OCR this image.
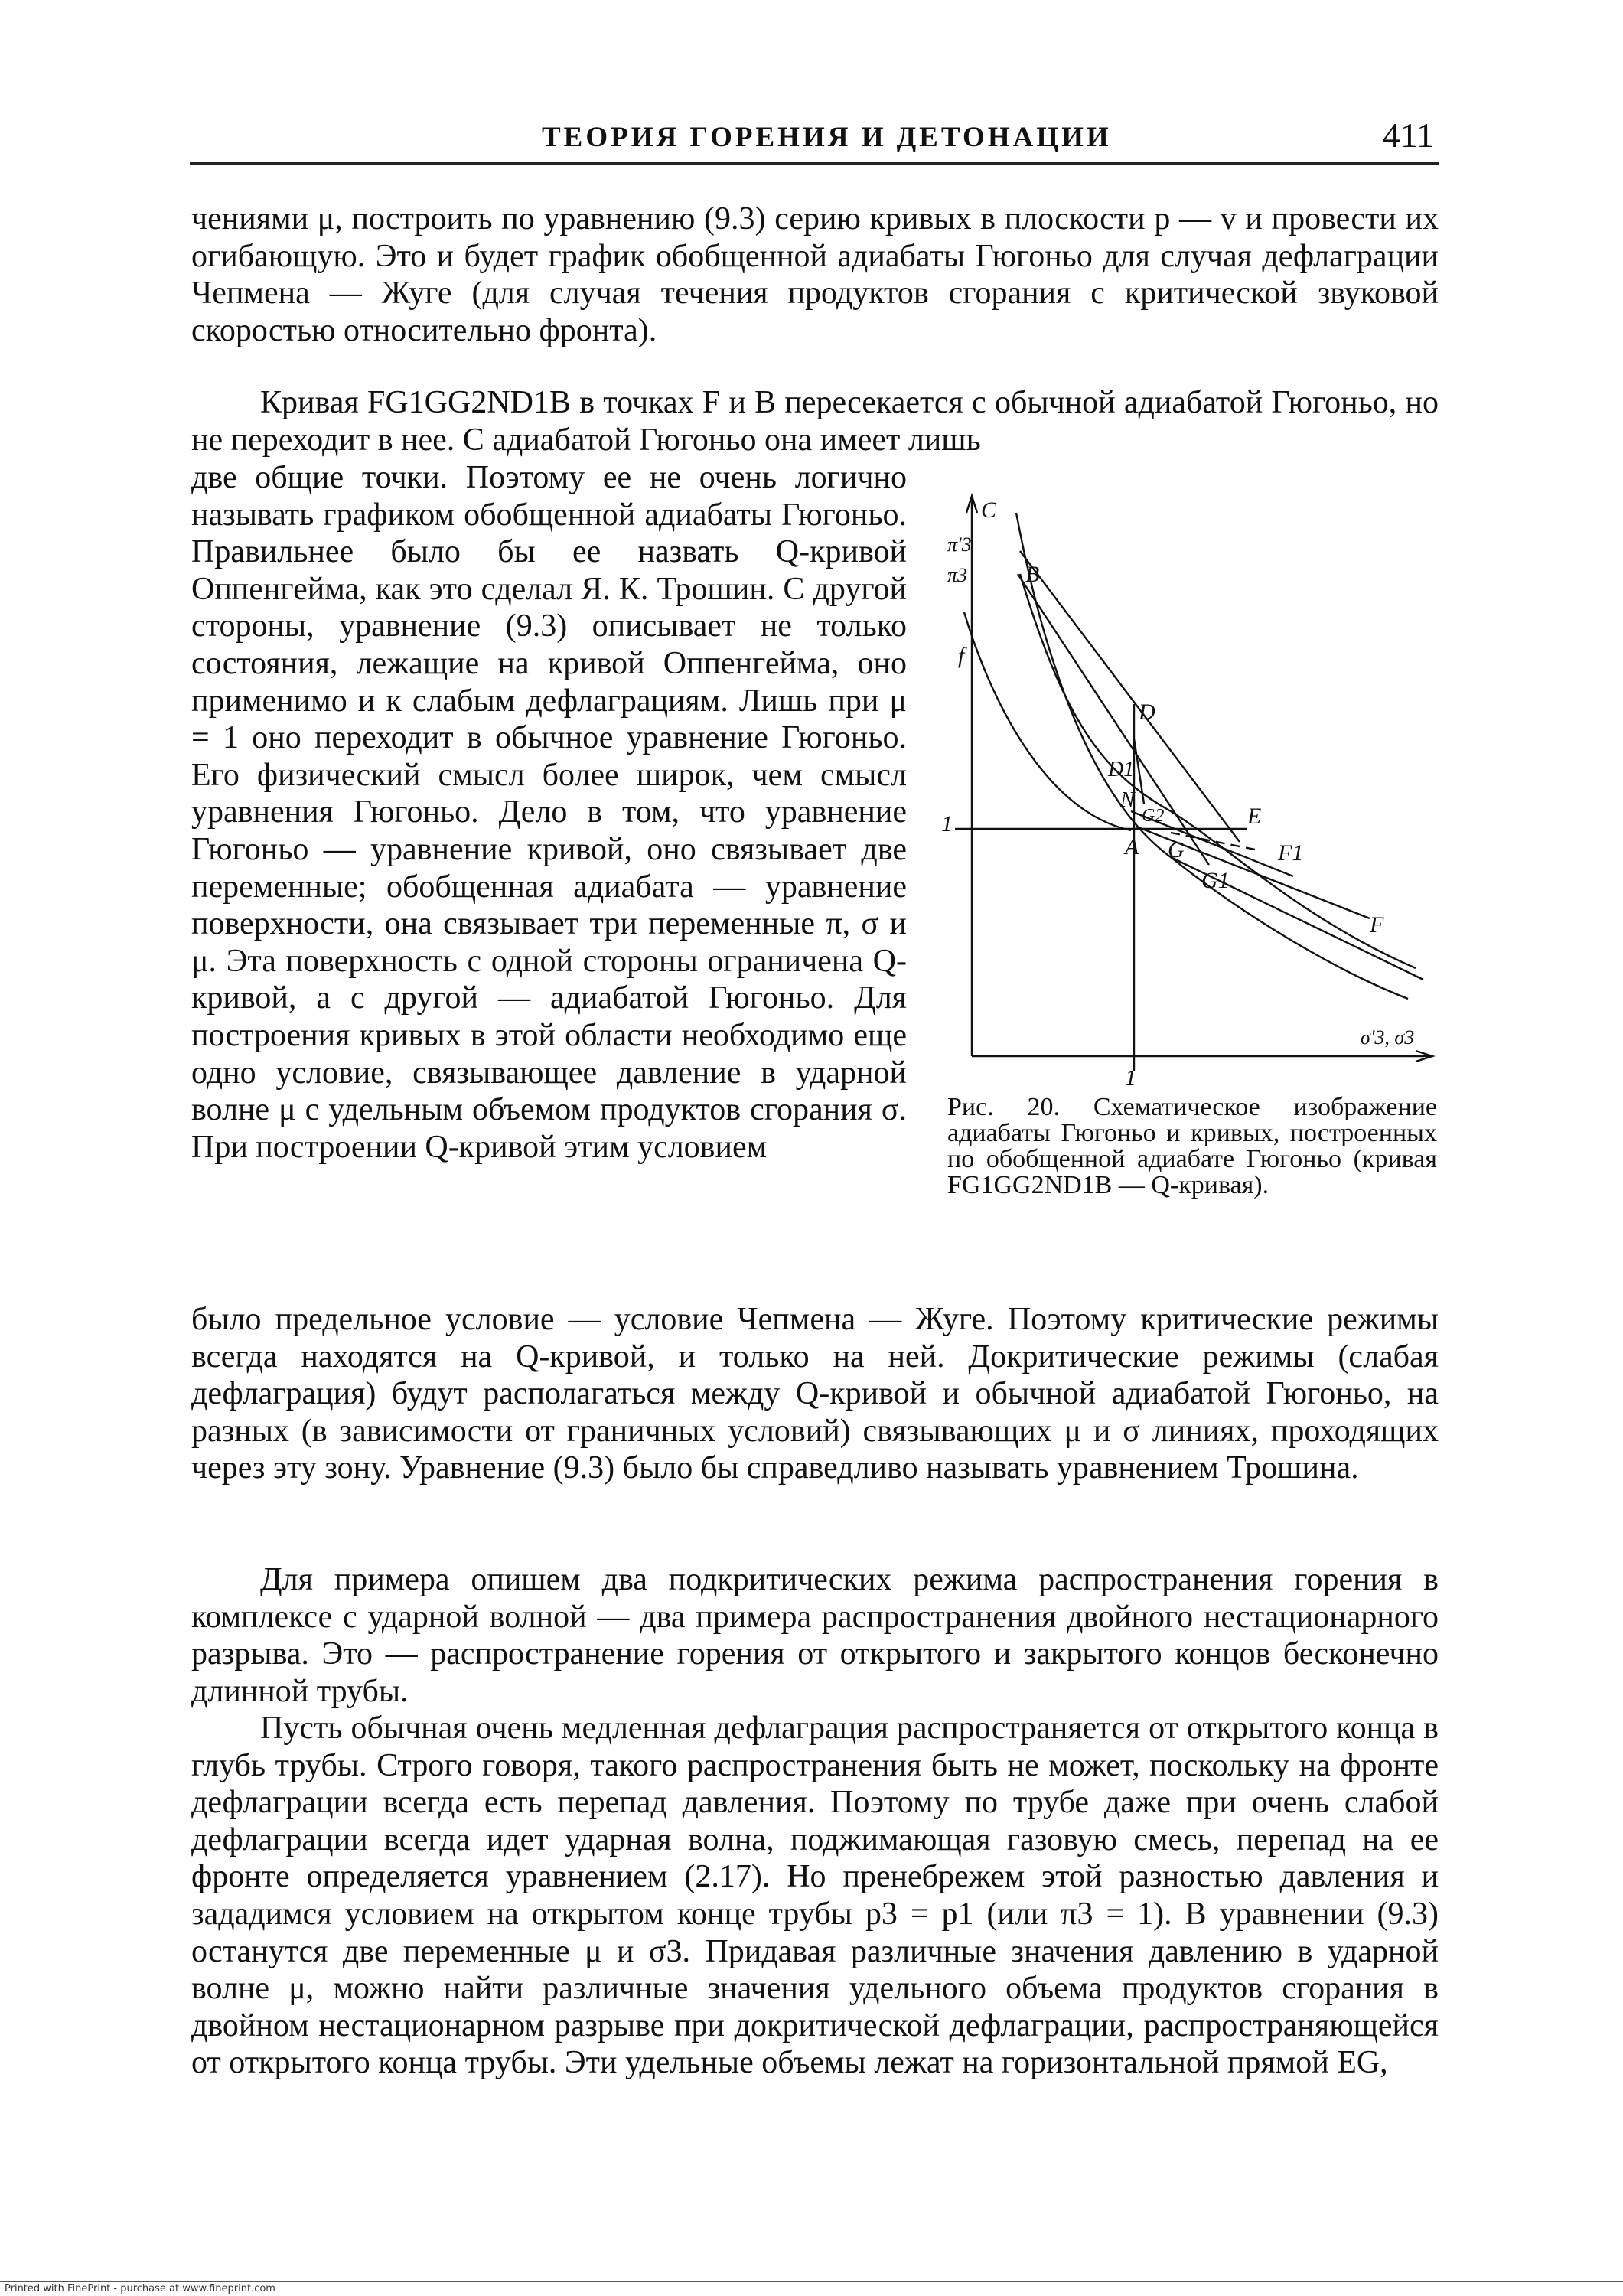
ТЕОРИЯ ГОРЕНИЯ И ДЕТОНАЦИИ	411
чениями μ, построить по уравнению (9.3) серию кривых в плоскости p — v и провести их огибающую. Это и будет график обобщенной адиабаты Гюгоньо для случая дефлаграции Чепмена — Жуге (для случая течения продуктов сгорания с критической звуковой скоростью относительно фронта).
Кривая FG1GG2ND1B в точках F и B пересекается с обычной адиабатой Гюгоньо, но не переходит в нее. С адиабатой Гюгоньо она имеет лишь
две общие точки. Поэтому ее не очень логично называть графиком обобщенной адиабаты Гюгоньо. Правильнее было бы ее назвать Q-кривой Оппенгейма, как это сделал Я. К. Трошин. С другой стороны, уравнение (9.3) описывает не только состояния, лежащие на кривой Оппенгейма, оно применимо и к слабым дефлаграциям. Лишь при μ = 1 оно переходит в обычное уравнение Гюгоньо. Его физический смысл более широк, чем смысл уравнения Гюгоньо. Дело в том, что уравнение Гюгоньо — уравнение кривой, оно связывает две переменные; обобщенная адиабата — уравнение поверхности, она связывает три переменные π, σ и μ. Эта поверхность с одной стороны ограничена Q-кривой, а с другой — адиабатой Гюгоньо. Для построения кривых в этой области необходимо еще одно условие, связывающее давление в ударной волне μ с удельным объемом продуктов сгорания σ. При построении Q-кривой этим условием
было предельное условие — условие Чепмена — Жуге. Поэтому критические режимы всегда находятся на Q-кривой, и только на ней. Докритические режимы (слабая дефлаграция) будут располагаться между Q-кривой и обычной адиабатой Гюгоньо, на разных (в зависимости от граничных условий) связывающих μ и σ линиях, проходящих через эту зону. Уравнение (9.3) было бы справедливо называть уравнением Трошина.
Для примера опишем два подкритических режима распространения горения в комплексе с ударной волной — два примера распространения двойного нестационарного разрыва. Это — распространение горения от открытого и закрытого концов бесконечно длинной трубы.
Пусть обычная очень медленная дефлаграция распространяется от открытого конца в глубь трубы. Строго говоря, такого распространения быть не может, поскольку на фронте дефлаграции всегда есть перепад давления. Поэтому по трубе даже при очень слабой дефлаграции всегда идет ударная волна, поджимающая газовую смесь, перепад на ее фронте определяется уравнением (2.17). Но пренебрежем этой разностью давления и зададимся условием на открытом конце трубы p3 = p1 (или π3 = 1). В уравнении (9.3) останутся две переменные μ и σ3. Придавая различные значения давлению в ударной волне μ, можно найти различные значения удельного объема продуктов сгорания в двойном нестационарном разрыве при докритической дефлаграции, распространяющейся от открытого конца трубы. Эти удельные объемы лежат на горизонтальной прямой EG,
C
B
π'3
π3
f
D
D1
N
G2	E
1
A G	F1
G1
F
σ'3, σ3
1
Рис. 20. Схематическое изображение адиабаты Гюгоньо и кривых, построенных по обобщенной адиабате Гюгоньо (кривая FG1GG2ND1B — Q-кривая).
Printed with FinePrint - purchase at www.fineprint.com
